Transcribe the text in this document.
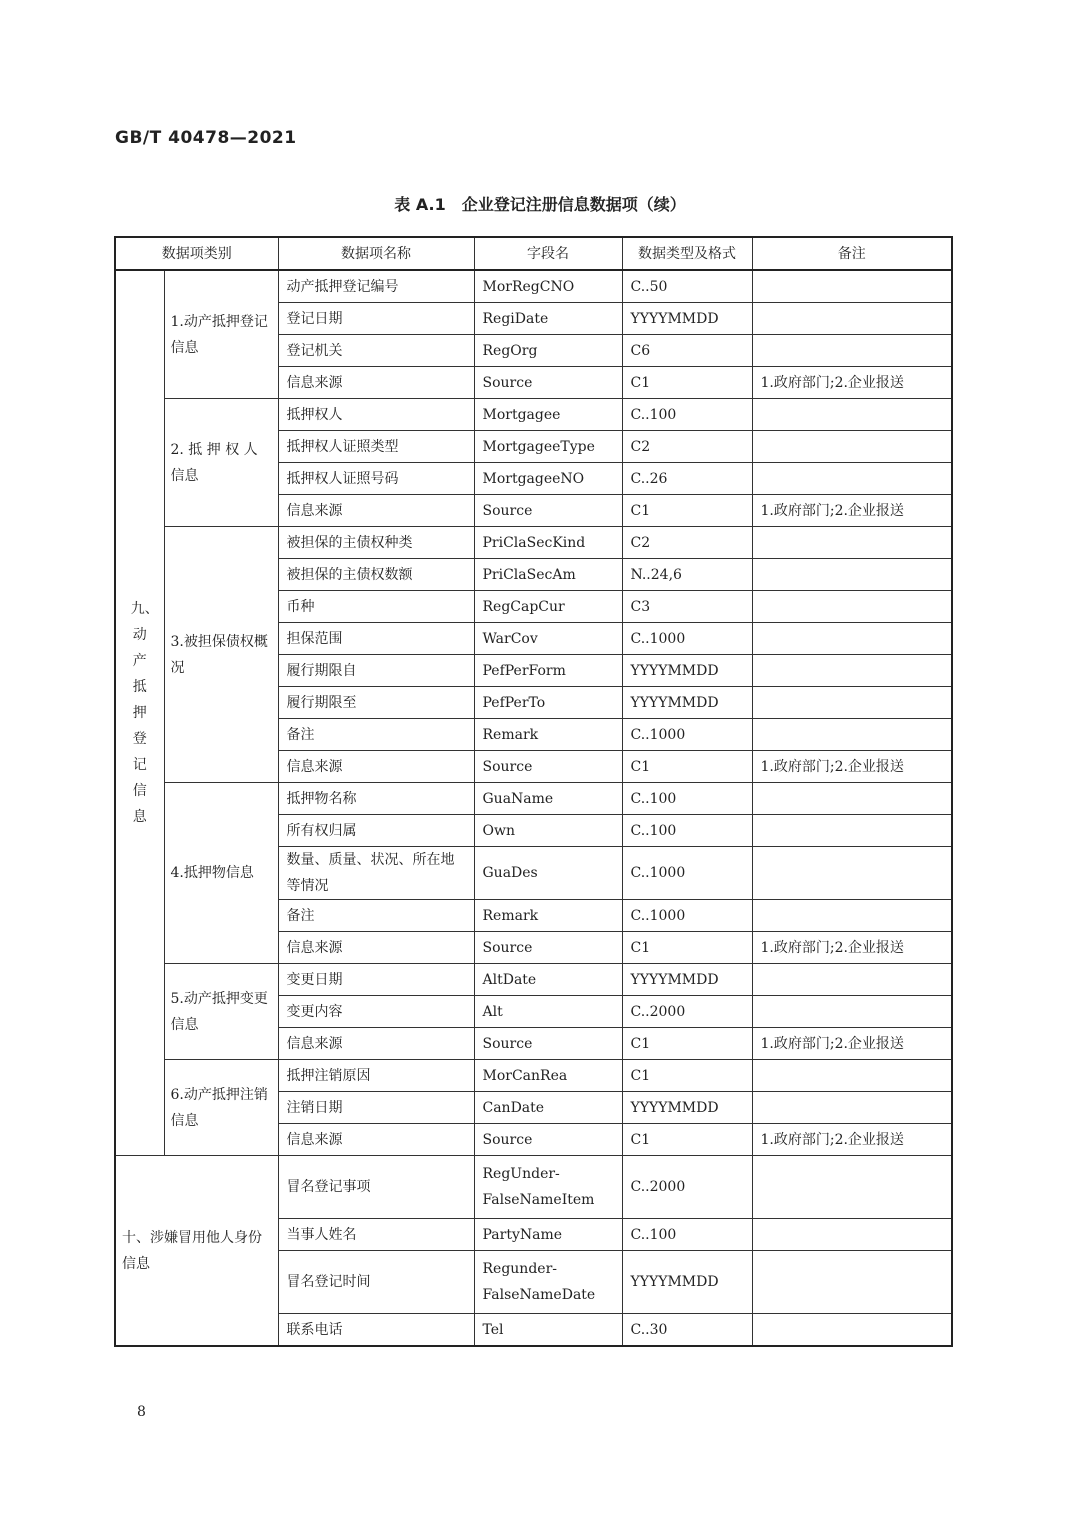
GB/T 40478—2021
表 A.1　企业登记注册信息数据项（续）
数据项类别		数据项名称	字段名	数据类型及格式	备注
九、动产抵押登记信息	1.动产抵押登记信息	动产抵押登记编号	MorRegCNO	C..50	
		登记日期	RegiDate	YYYYMMDD	
		登记机关	RegOrg	C6	
		信息来源	Source	C1	1.政府部门;2.企业报送
	2. 抵 押 权 人 信息	抵押权人	Mortgagee	C..100	
		抵押权人证照类型	MortgageeType	C2	
		抵押权人证照号码	MortgageeNO	C..26	
		信息来源	Source	C1	1.政府部门;2.企业报送
	3.被担保债权概况	被担保的主债权种类	PriClaSecKind	C2	
		被担保的主债权数额	PriClaSecAm	N..24,6	
		币种	RegCapCur	C3	
		担保范围	WarCov	C..1000	
		履行期限自	PefPerForm	YYYYMMDD	
		履行期限至	PefPerTo	YYYYMMDD	
		备注	Remark	C..1000	
		信息来源	Source	C1	1.政府部门;2.企业报送
	4.抵押物信息	抵押物名称	GuaName	C..100	
		所有权归属	Own	C..100	
		数量、质量、状况、所在地等情况	GuaDes	C..1000	
		备注	Remark	C..1000	
		信息来源	Source	C1	1.政府部门;2.企业报送
	5.动产抵押变更信息	变更日期	AltDate	YYYYMMDD	
		变更内容	Alt	C..2000	
		信息来源	Source	C1	1.政府部门;2.企业报送
	6.动产抵押注销信息	抵押注销原因	MorCanRea	C1	
		注销日期	CanDate	YYYYMMDD	
		信息来源	Source	C1	1.政府部门;2.企业报送
十、涉嫌冒用他人身份信息		冒名登记事项	RegUnder-FalseNameItem	C..2000	
		当事人姓名	PartyName	C..100	
		冒名登记时间	Regunder-FalseNameDate	YYYYMMDD	
		联系电话	Tel	C..30	
8
